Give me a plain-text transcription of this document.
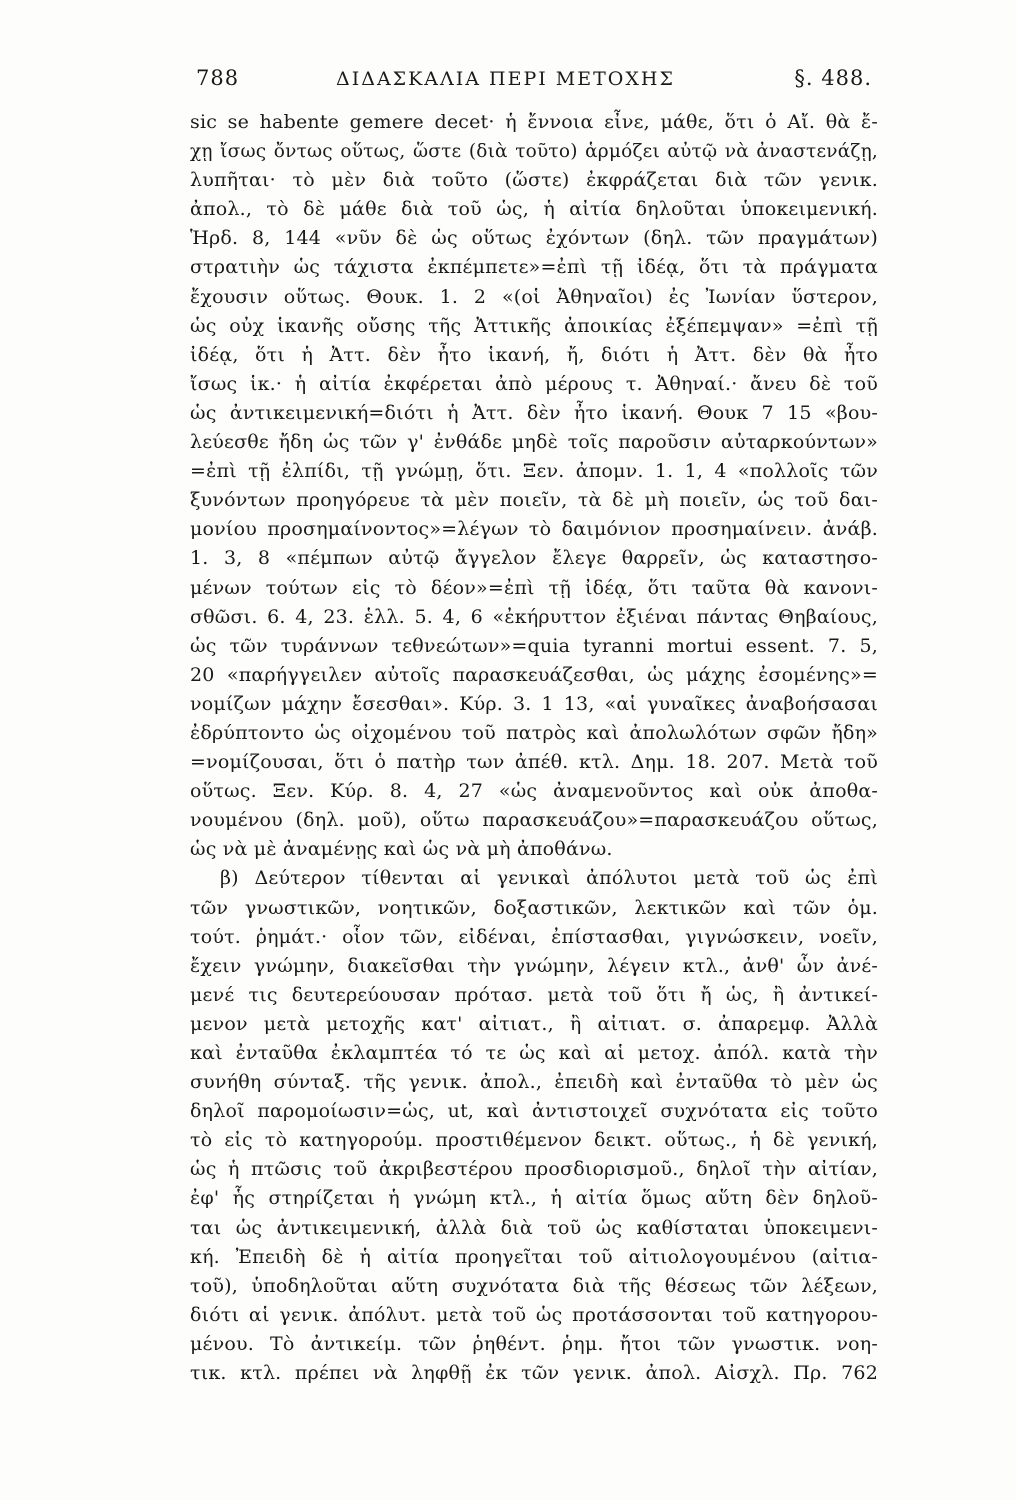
788	ΔΙΔΑΣΚΑΛΙΑ ΠΕΡΙ ΜΕΤΟΧΗΣ	§. 488.
sic se habente gemere decet· ἡ ἔννοια εἶνε, μάθε, ὅτι ὁ Αἴ. θὰ ἔ-
χῃ ἴσως ὄντως οὕτως, ὥστε (διὰ τοῦτο) ἁρμόζει αὐτῷ νὰ ἀναστενάζῃ,
λυπῆται· τὸ μὲν διὰ τοῦτο (ὥστε) ἐκφράζεται διὰ τῶν γενικ.
ἀπολ., τὸ δὲ μάθε διὰ τοῦ ὡς, ἡ αἰτία δηλοῦται ὑποκειμενική.
Ἡρδ. 8, 144 «νῦν δὲ ὡς οὕτως ἐχόντων (δηλ. τῶν πραγμάτων)
στρατιὴν ὡς τάχιστα ἐκπέμπετε»=ἐπὶ τῇ ἰδέᾳ, ὅτι τὰ πράγματα
ἔχουσιν οὕτως. Θουκ. 1. 2 «(οἱ Ἀθηναῖοι) ἐς Ἰωνίαν ὕστερον,
ὡς οὐχ ἱκανῆς οὔσης τῆς Ἀττικῆς ἀποικίας ἐξέπεμψαν» =ἐπὶ τῇ
ἰδέᾳ, ὅτι ἡ Ἀττ. δὲν ἦτο ἱκανή, ἤ, διότι ἡ Ἀττ. δὲν θὰ ἦτο
ἴσως ἱκ.· ἡ αἰτία ἐκφέρεται ἀπὸ μέρους τ. Ἀθηναί.· ἄνευ δὲ τοῦ
ὡς ἀντικειμενική=διότι ἡ Ἀττ. δὲν ἦτο ἱκανή. Θουκ 7 15 «βου-
λεύεσθε ἤδη ὡς τῶν γ' ἐνθάδε μηδὲ τοῖς παροῦσιν αὐταρκούντων»
=ἐπὶ τῇ ἐλπίδι, τῇ γνώμῃ, ὅτι. Ξεν. ἀπομν. 1. 1, 4 «πολλοῖς τῶν
ξυνόντων προηγόρευε τὰ μὲν ποιεῖν, τὰ δὲ μὴ ποιεῖν, ὡς τοῦ δαι-
μονίου προσημαίνοντος»=λέγων τὸ δαιμόνιον προσημαίνειν. ἀνάβ.
1. 3, 8 «πέμπων αὐτῷ ἄγγελον ἔλεγε θαρρεῖν, ὡς καταστησο-
μένων τούτων εἰς τὸ δέον»=ἐπὶ τῇ ἰδέᾳ, ὅτι ταῦτα θὰ κανονι-
σθῶσι. 6. 4, 23. ἑλλ. 5. 4, 6 «ἐκήρυττον ἐξιέναι πάντας Θηβαίους,
ὡς τῶν τυράννων τεθνεώτων»=quia tyranni mortui essent. 7. 5,
20 «παρήγγειλεν αὐτοῖς παρασκευάζεσθαι, ὡς μάχης ἐσομένης»=
νομίζων μάχην ἔσεσθαι». Κύρ. 3. 1 13, «αἱ γυναῖκες ἀναβοήσασαι
ἐδρύπτοντο ὡς οἰχομένου τοῦ πατρὸς καὶ ἀπολωλότων σφῶν ἤδη»
=νομίζουσαι, ὅτι ὁ πατὴρ των ἀπέθ. κτλ. Δημ. 18. 207. Μετὰ τοῦ
οὕτως. Ξεν. Κύρ. 8. 4, 27 «ὡς ἀναμενοῦντος καὶ οὐκ ἀποθα-
νουμένου (δηλ. μοῦ), οὕτω παρασκευάζου»=παρασκευάζου οὕτως,
ὡς νὰ μὲ ἀναμένῃς καὶ ὡς νὰ μὴ ἀποθάνω.
β) Δεύτερον τίθενται αἱ γενικαὶ ἀπόλυτοι μετὰ τοῦ ὡς ἐπὶ
τῶν γνωστικῶν, νοητικῶν, δοξαστικῶν, λεκτικῶν καὶ τῶν ὁμ.
τούτ. ῥημάτ.· οἷον τῶν, εἰδέναι, ἐπίστασθαι, γιγνώσκειν, νοεῖν,
ἔχειν γνώμην, διακεῖσθαι τὴν γνώμην, λέγειν κτλ., ἀνθ' ὧν ἀνέ-
μενέ τις δευτερεύουσαν πρότασ. μετὰ τοῦ ὅτι ἤ ὡς, ἢ ἀντικεί-
μενον μετὰ μετοχῆς κατ' αἰτιατ., ἢ αἰτιατ. σ. ἀπαρεμφ. Ἀλλὰ
καὶ ἐνταῦθα ἐκλαμπτέα τό τε ὡς καὶ αἱ μετοχ. ἀπόλ. κατὰ τὴν
συνήθη σύνταξ. τῆς γενικ. ἀπολ., ἐπειδὴ καὶ ἐνταῦθα τὸ μὲν ὡς
δηλοῖ παρομοίωσιν=ὡς, ut, καὶ ἀντιστοιχεῖ συχνότατα εἰς τοῦτο
τὸ εἰς τὸ κατηγορούμ. προστιθέμενον δεικτ. οὕτως., ἡ δὲ γενική,
ὡς ἡ πτῶσις τοῦ ἀκριβεστέρου προσδιορισμοῦ., δηλοῖ τὴν αἰτίαν,
ἐφ' ἧς στηρίζεται ἡ γνώμη κτλ., ἡ αἰτία ὅμως αὕτη δὲν δηλοῦ-
ται ὡς ἀντικειμενική, ἀλλὰ διὰ τοῦ ὡς καθίσταται ὑποκειμενι-
κή. Ἐπειδὴ δὲ ἡ αἰτία προηγεῖται τοῦ αἰτιολογουμένου (αἰτια-
τοῦ), ὑποδηλοῦται αὕτη συχνότατα διὰ τῆς θέσεως τῶν λέξεων,
διότι αἱ γενικ. ἀπόλυτ. μετὰ τοῦ ὡς προτάσσονται τοῦ κατηγορου-
μένου. Τὸ ἀντικείμ. τῶν ῥηθέντ. ῥημ. ἤτοι τῶν γνωστικ. νοη-
τικ. κτλ. πρέπει νὰ ληφθῇ ἐκ τῶν γενικ. ἀπολ. Αἰσχλ. Πρ. 762
